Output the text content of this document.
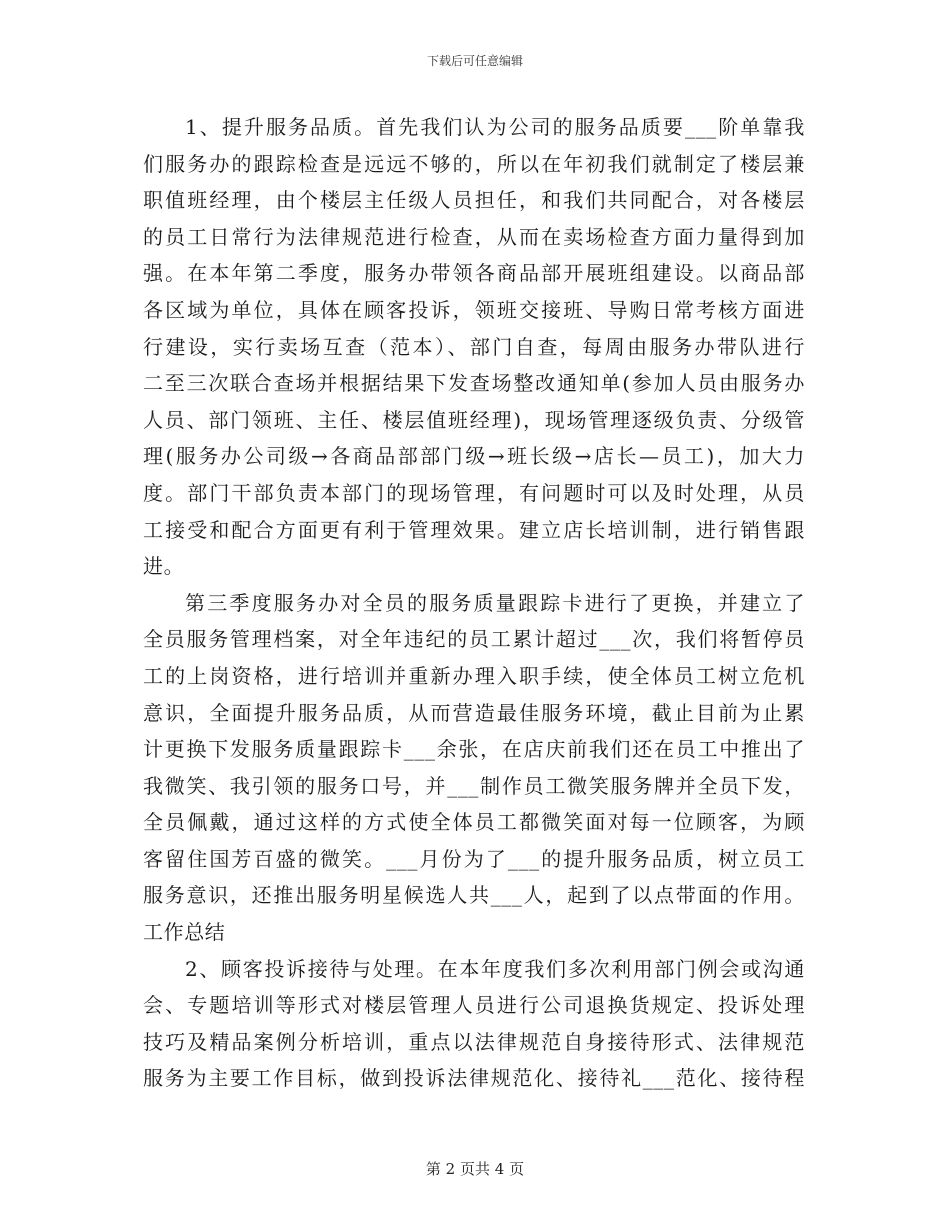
下载后可任意编辑
1、提升服务品质。首先我们认为公司的服务品质要___阶单靠我
们服务办的跟踪检查是远远不够的，所以在年初我们就制定了楼层兼
职值班经理，由个楼层主任级人员担任，和我们共同配合，对各楼层
的员工日常行为法律规范进行检查，从而在卖场检查方面力量得到加
强。在本年第二季度，服务办带领各商品部开展班组建设。以商品部
各区域为单位，具体在顾客投诉，领班交接班、导购日常考核方面进
行建设，实行卖场互查（范本）、部门自查，每周由服务办带队进行
二至三次联合查场并根据结果下发查场整改通知单(参加人员由服务办
人员、部门领班、主任、楼层值班经理)，现场管理逐级负责、分级管
理(服务办公司级→各商品部部门级→班长级→店长—员工)，加大力
度。部门干部负责本部门的现场管理，有问题时可以及时处理，从员
工接受和配合方面更有利于管理效果。建立店长培训制，进行销售跟
进。
第三季度服务办对全员的服务质量跟踪卡进行了更换，并建立了
全员服务管理档案，对全年违纪的员工累计超过___次，我们将暂停员
工的上岗资格，进行培训并重新办理入职手续，使全体员工树立危机
意识，全面提升服务品质，从而营造最佳服务环境，截止目前为止累
计更换下发服务质量跟踪卡___余张，在店庆前我们还在员工中推出了
我微笑、我引领的服务口号，并___制作员工微笑服务牌并全员下发，
全员佩戴，通过这样的方式使全体员工都微笑面对每一位顾客，为顾
客留住国芳百盛的微笑。___月份为了___的提升服务品质，树立员工
服务意识，还推出服务明星候选人共___人，起到了以点带面的作用。
工作总结
2、顾客投诉接待与处理。在本年度我们多次利用部门例会或沟通
会、专题培训等形式对楼层管理人员进行公司退换货规定、投诉处理
技巧及精品案例分析培训，重点以法律规范自身接待形式、法律规范
服务为主要工作目标，做到投诉法律规范化、接待礼___范化、接待程
第 2 页共 4 页
